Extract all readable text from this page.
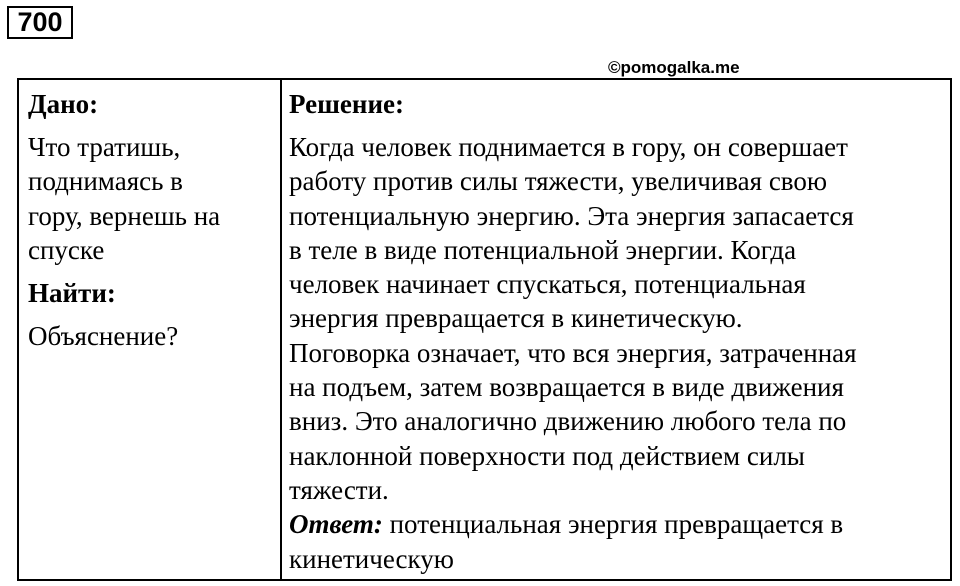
700
©pomogalka.me
Дано:
Что тратишь,
поднимаясь в
гору, вернешь на
спуске
Найти:
Объяснение?
Решение:
Когда человек поднимается в гору, он совершает
работу против силы тяжести, увеличивая свою
потенциальную энергию. Эта энергия запасается
в теле в виде потенциальной энергии. Когда
человек начинает спускаться, потенциальная
энергия превращается в кинетическую.
Поговорка означает, что вся энергия, затраченная
на подъем, затем возвращается в виде движения
вниз. Это аналогично движению любого тела по
наклонной поверхности под действием силы
тяжести.
Ответ: потенциальная энергия превращается в
кинетическую
